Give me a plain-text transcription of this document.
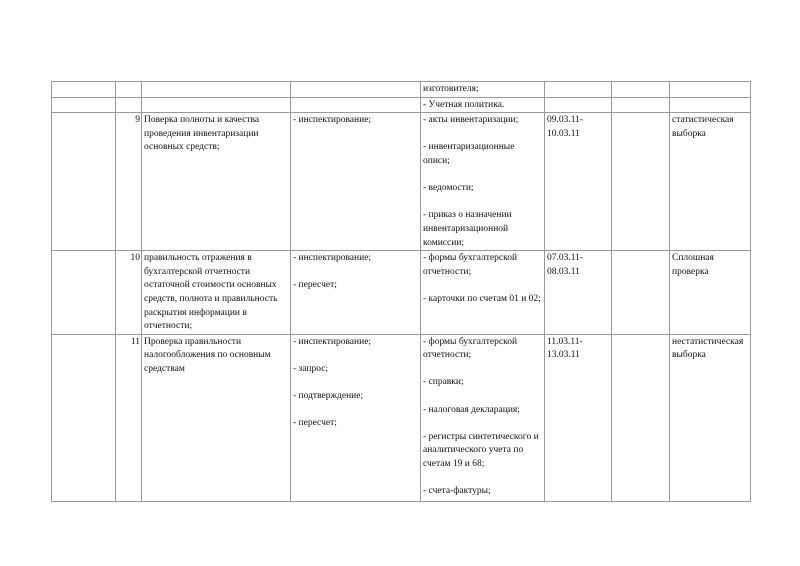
				изготовителя;			
				- Учетная политика.			
	9	Поверка полноты и качества проведения инвентаризации основных средств;	- инспектирование;	- акты инвентаризации;
- инвентаризационные описи;
- ведомости;
- приказ о назначении инвентаризационной комиссии;	09.03.11-10.03.11		статистическая выборка
	10	правильность отражения в бухгалтерской отчетности остаточной стоимости основных средств, полнота и правильность раскрытия информации в отчетности;	- инспектирование;
- пересчет;	- формы бухгалтерской отчетности;
- карточки по счетам 01 и 02;	07.03.11-08.03.11		Сплошная проверка
	11	Проверка правильности налогообложения по основным средствам	- инспектирование;
- запрос;
- подтверждение;
- пересчет;	- формы бухгалтерской отчетности;
- справки;
- налоговая декларация;
- регистры синтетического и аналитического учета по счетам 19 и 68;
- счета-фактуры;	11.03.11-13.03.11		нестатистическая выборка
